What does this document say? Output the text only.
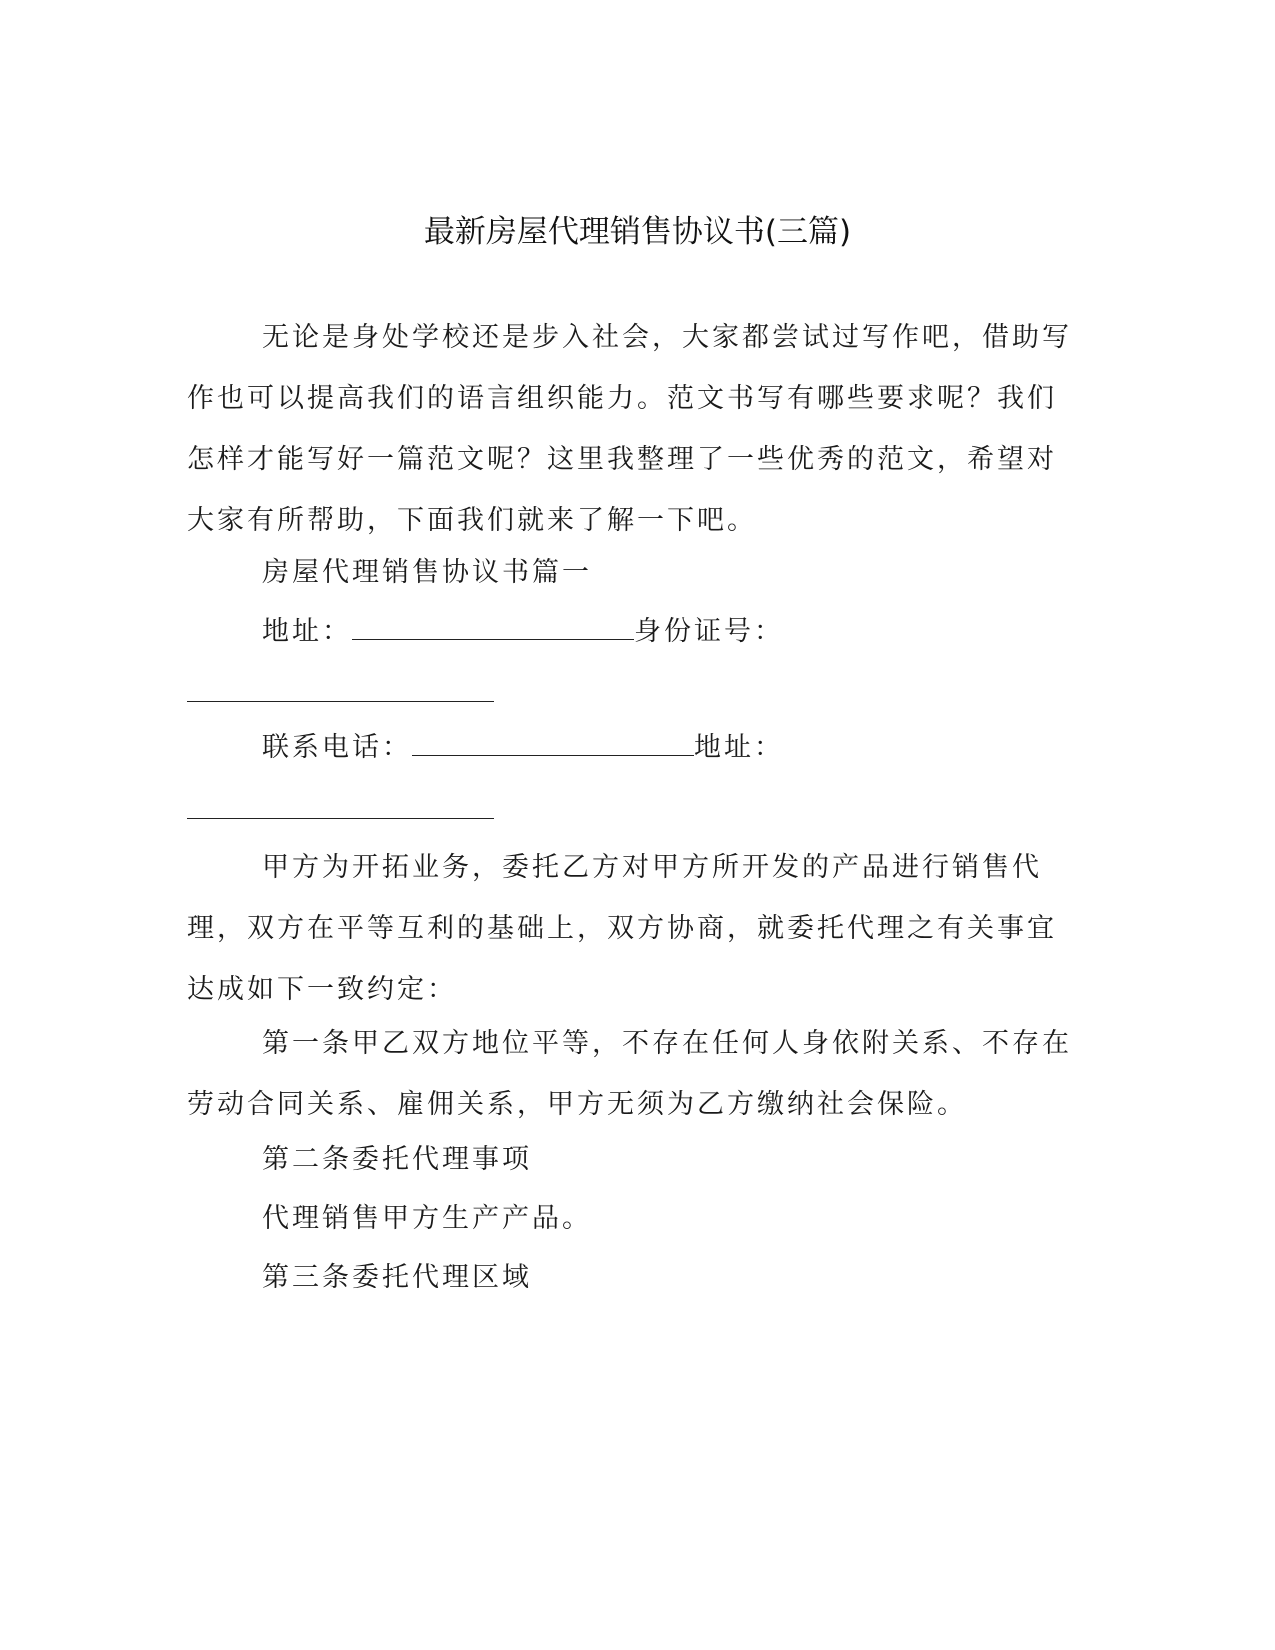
最新房屋代理销售协议书(三篇)

无论是身处学校还是步入社会，大家都尝试过写作吧，借助写作也可以提高我们的语言组织能力。范文书写有哪些要求呢？我们怎样才能写好一篇范文呢？这里我整理了一些优秀的范文，希望对大家有所帮助，下面我们就来了解一下吧。

房屋代理销售协议书篇一
地址：	身份证号：
联系电话：	地址：

甲方为开拓业务，委托乙方对甲方所开发的产品进行销售代理，双方在平等互利的基础上，双方协商，就委托代理之有关事宜达成如下一致约定：

第一条甲乙双方地位平等，不存在任何人身依附关系、不存在劳动合同关系、雇佣关系，甲方无须为乙方缴纳社会保险。

第二条委托代理事项
代理销售甲方生产产品。
第三条委托代理区域
